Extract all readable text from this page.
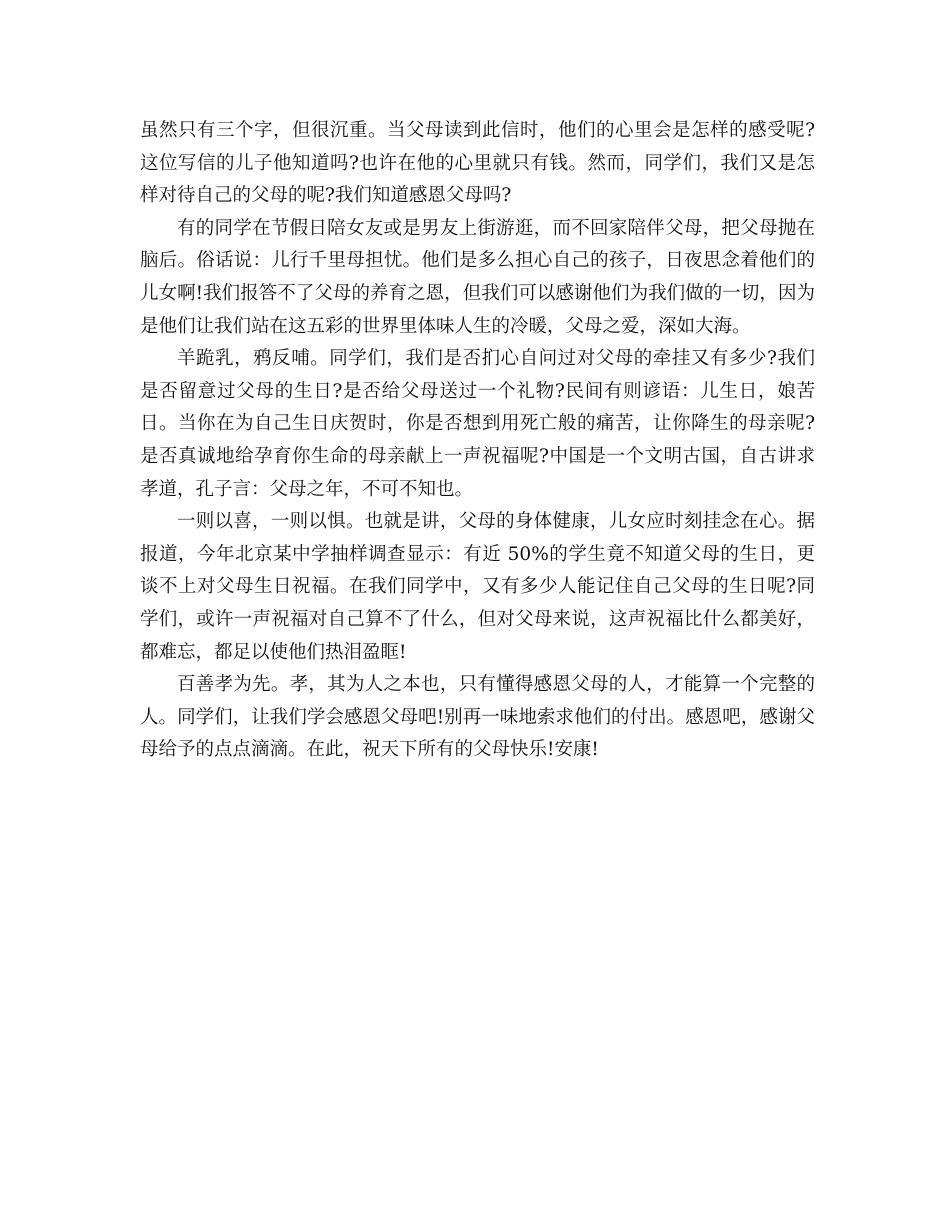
虽然只有三个字，但很沉重。当父母读到此信时，他们的心里会是怎样的感受呢?这位写信的儿子他知道吗?也许在他的心里就只有钱。然而，同学们，我们又是怎样对待自己的父母的呢?我们知道感恩父母吗?

有的同学在节假日陪女友或是男友上街游逛，而不回家陪伴父母，把父母抛在脑后。俗话说：儿行千里母担忧。他们是多么担心自己的孩子，日夜思念着他们的儿女啊!我们报答不了父母的养育之恩，但我们可以感谢他们为我们做的一切，因为是他们让我们站在这五彩的世界里体味人生的冷暖，父母之爱，深如大海。

羊跪乳，鸦反哺。同学们，我们是否扪心自问过对父母的牵挂又有多少?我们是否留意过父母的生日?是否给父母送过一个礼物?民间有则谚语：儿生日，娘苦日。当你在为自己生日庆贺时，你是否想到用死亡般的痛苦，让你降生的母亲呢?是否真诚地给孕育你生命的母亲献上一声祝福呢?中国是一个文明古国，自古讲求孝道，孔子言：父母之年，不可不知也。

一则以喜，一则以惧。也就是讲，父母的身体健康，儿女应时刻挂念在心。据报道，今年北京某中学抽样调查显示：有近 50%的学生竟不知道父母的生日，更谈不上对父母生日祝福。在我们同学中，又有多少人能记住自己父母的生日呢?同学们，或许一声祝福对自己算不了什么，但对父母来说，这声祝福比什么都美好，都难忘，都足以使他们热泪盈眶!

百善孝为先。孝，其为人之本也，只有懂得感恩父母的人，才能算一个完整的人。同学们，让我们学会感恩父母吧!别再一味地索求他们的付出。感恩吧，感谢父母给予的点点滴滴。在此，祝天下所有的父母快乐!安康!
